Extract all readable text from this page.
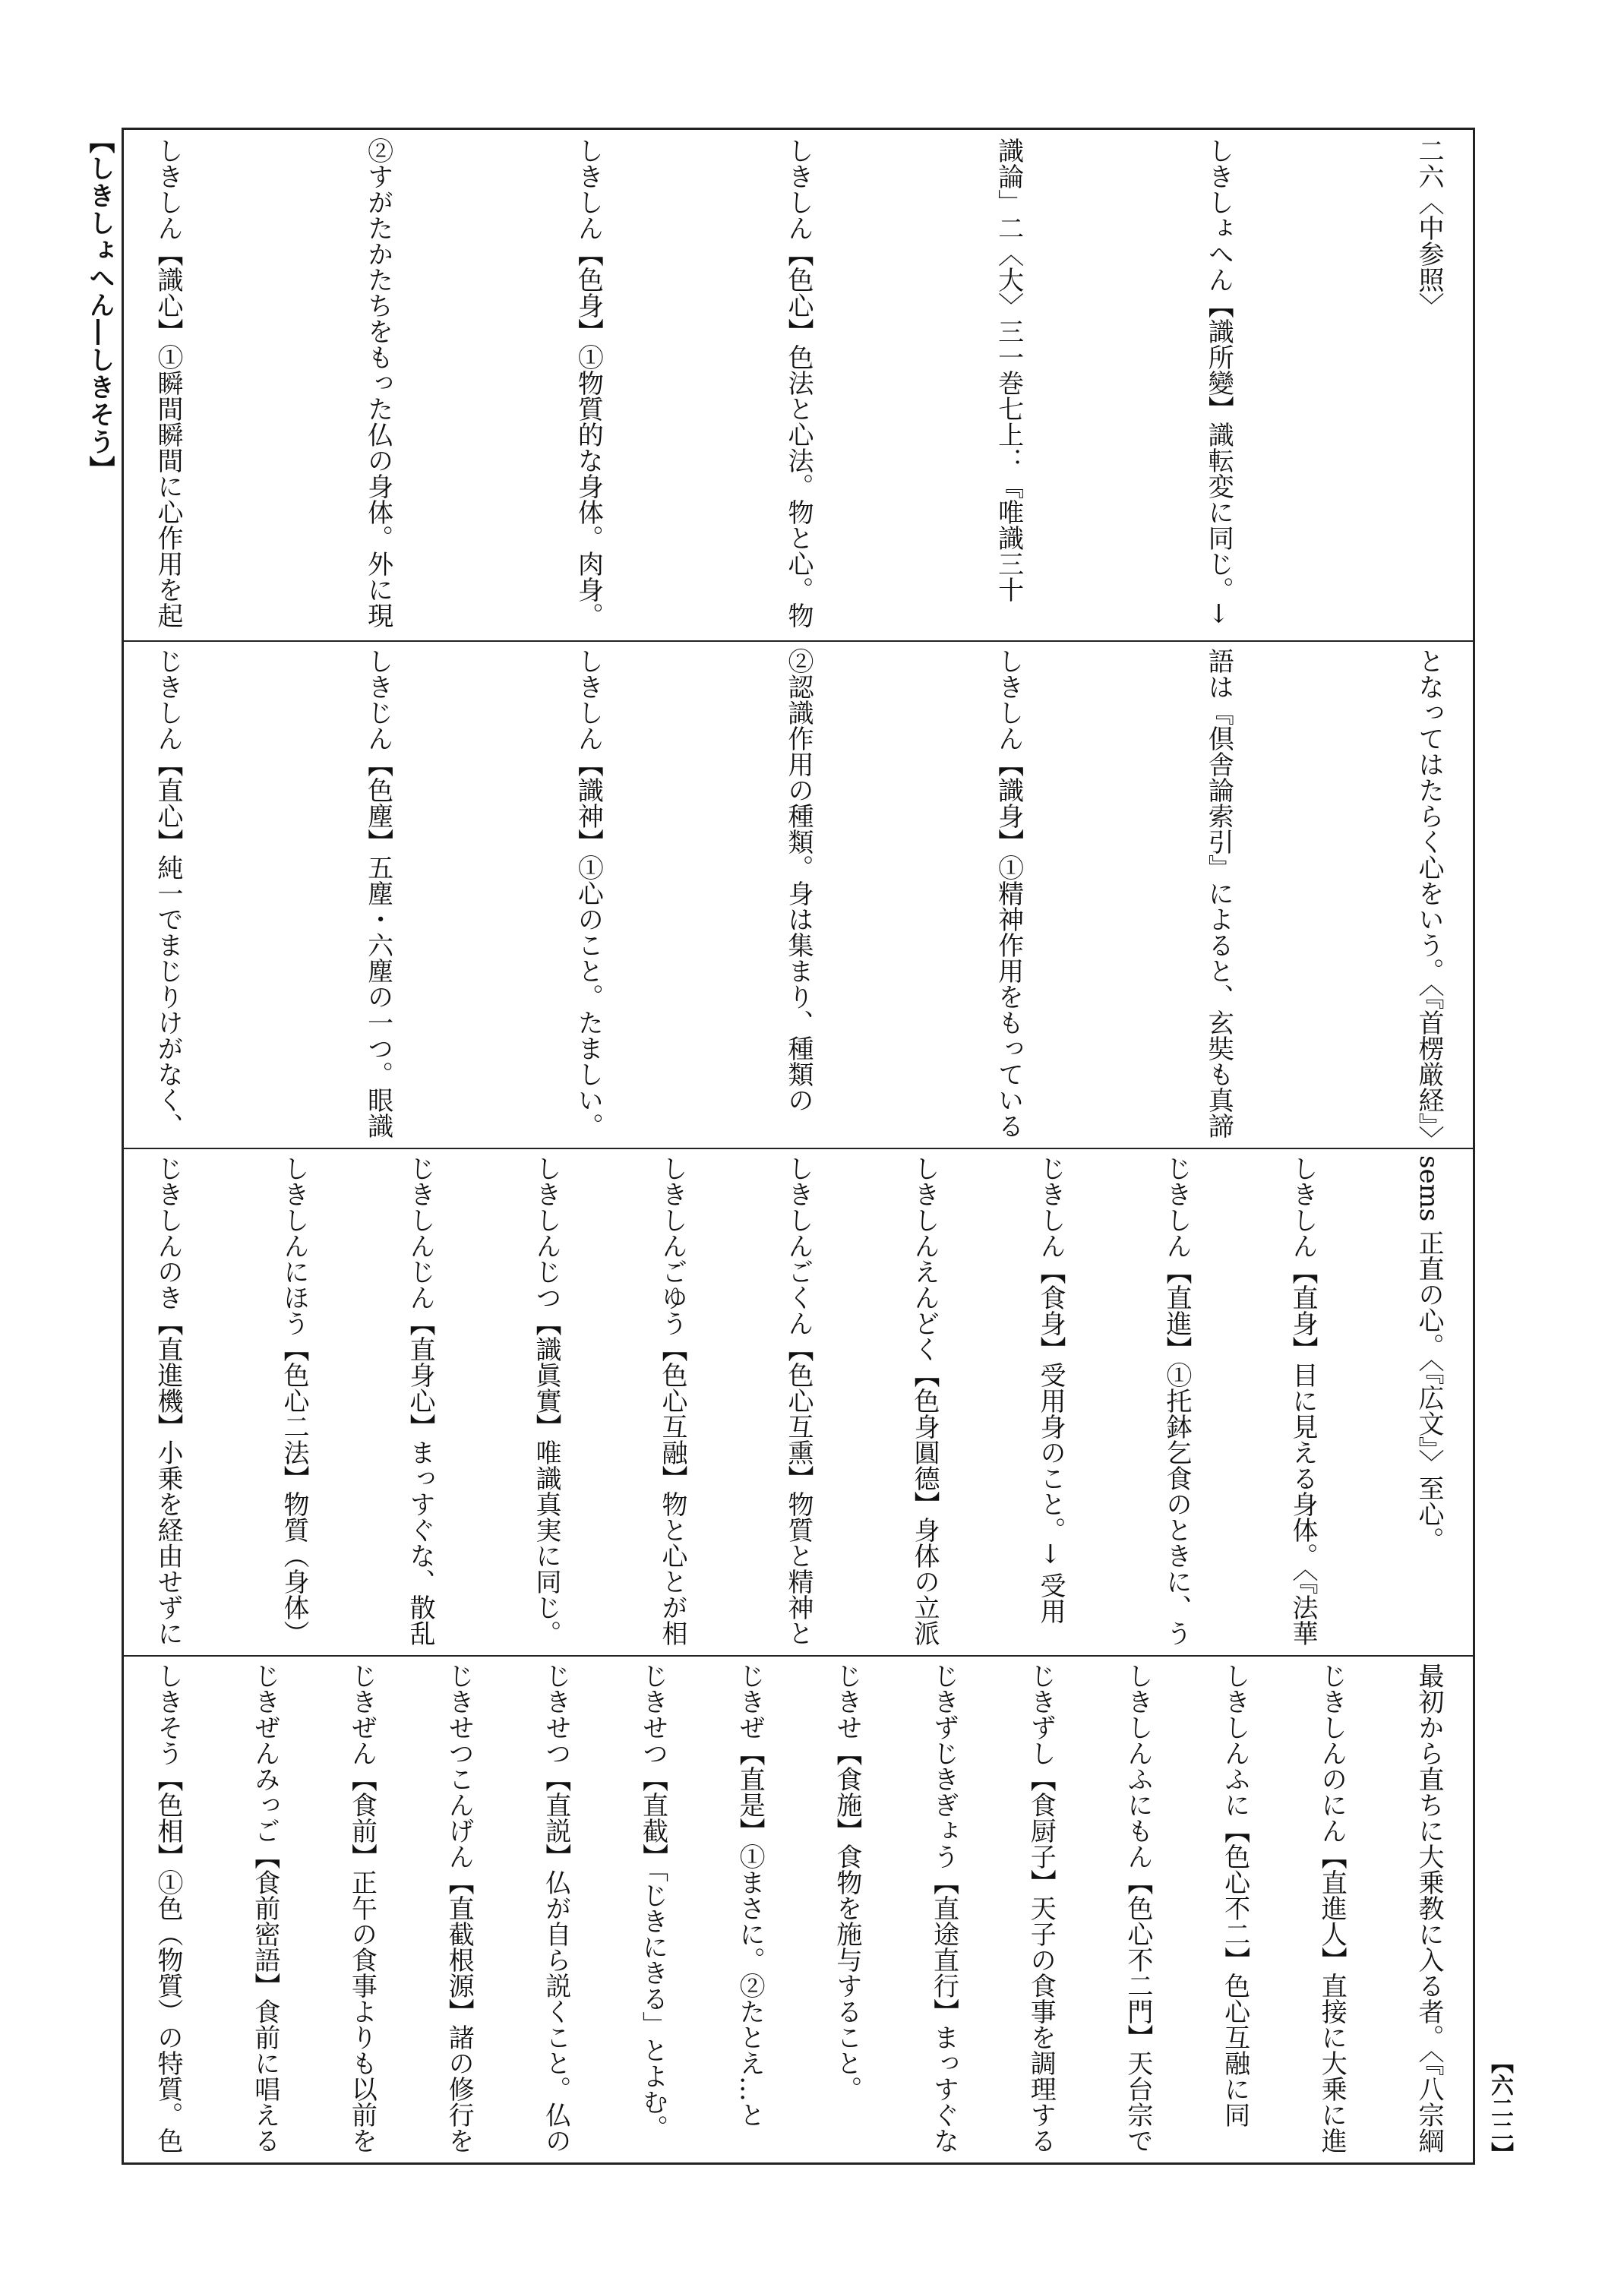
【しきしょへん―しきそう】	二六〈中参照〉
しきしょへん【識所變】識転変に同じ。→
識論」二〈大〉三一巻七上：『唯識三十
しきしん【色心】色法と心法。物と心。物
しきしん【色身】①物質的な身体。肉身。
②すがたかたちをもった仏の身体。外に現
しきしん【識心】①瞬間瞬間に心作用を起
となってはたらく心をいう。〈『首楞厳経』〉
語は『倶舎論索引』によると、玄奘も真諦
しきしん【識身】①精神作用をもっている
②認識作用の種類。身は集まり、種類の
しきしん【識神】①心のこと。たましい。
しきじん【色塵】五塵・六塵の一つ。眼識
じきしん【直心】純一でまじりけがなく、
sems 正直の心。〈『広文』〉至心。
しきしん【直身】目に見える身体。〈『法華
じきしん【直進】①托鉢乞食のときに、う
じきしん【食身】受用身のこと。→ 受用
しきしんえんどく【色身圓德】身体の立派
しきしんごくん【色心互熏】物質と精神と
しきしんごゆう【色心互融】物と心とが相
しきしんじつ【識眞實】唯識真実に同じ。
じきしんじん【直身心】まっすぐな、散乱
しきしんにほう【色心二法】物質（身体）
じきしんのき【直進機】小乗を経由せずに
最初から直ちに大乗教に入る者。〈『八宗綱
じきしんのにん【直進人】直接に大乗に進
しきしんふに【色心不二】色心互融に同
しきしんふにもん【色心不二門】天台宗で
じきずし【食厨子】天子の食事を調理する
じきずじきぎょう【直途直行】まっすぐな
じきせ【食施】食物を施与すること。
じきぜ【直是】①まさに。②たとえ…と
じきせつ【直截】「じきにきる」とよむ。
じきせつ【直説】仏が自ら説くこと。仏の
じきせつこんげん【直截根源】諸の修行を
じきぜん【食前】正午の食事よりも以前を
じきぜんみっご【食前密語】食前に唱える
しきそう【色相】①色（物質）の特質。色	【六二二】
